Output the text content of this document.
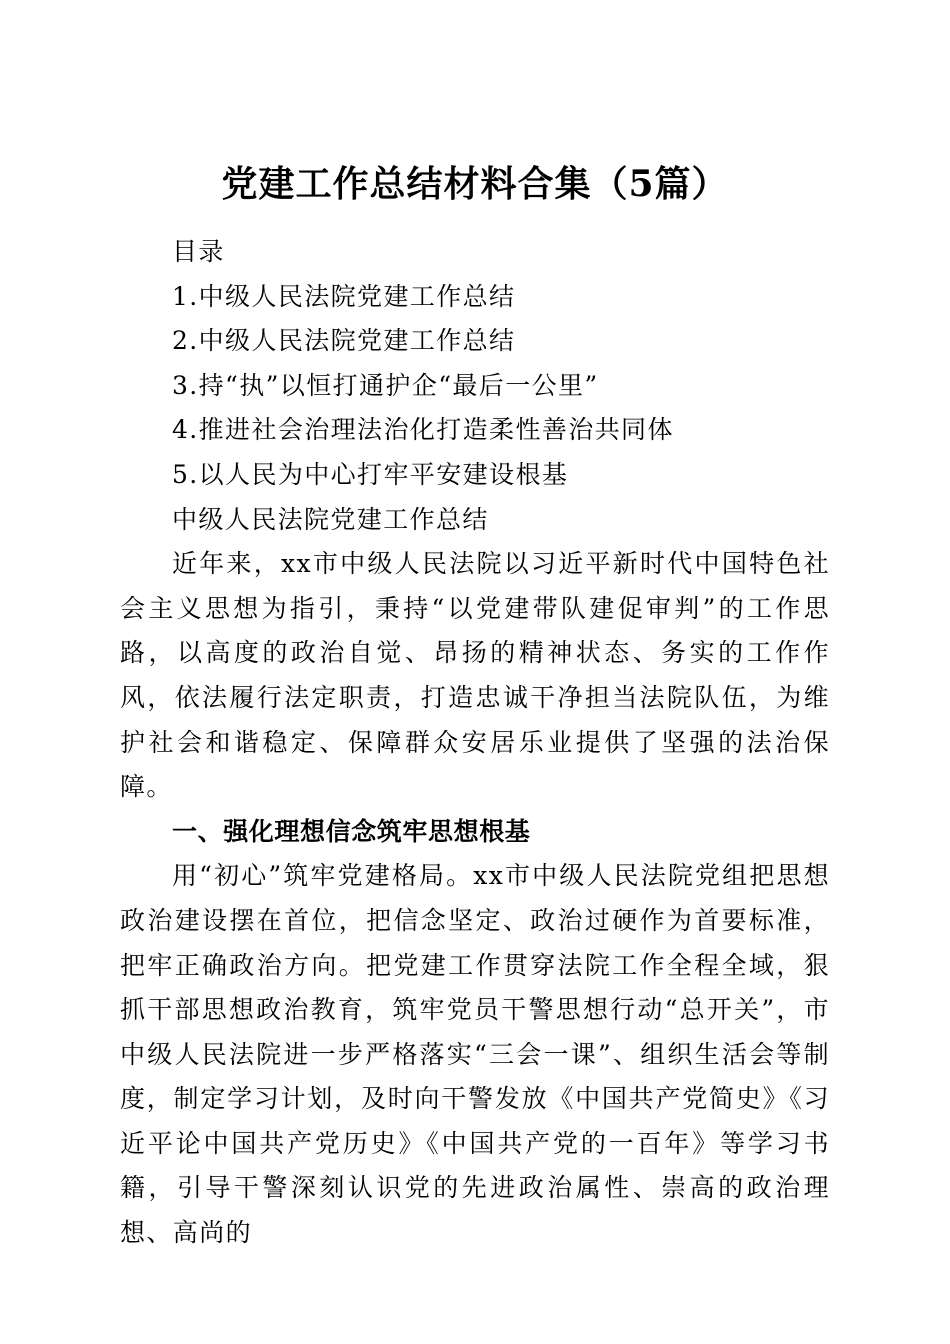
党建工作总结材料合集（5篇）

目录

1.中级人民法院党建工作总结

2.中级人民法院党建工作总结

3.持“执”以恒打通护企“最后一公里”

4.推进社会治理法治化打造柔性善治共同体

5.以人民为中心打牢平安建设根基

中级人民法院党建工作总结

近年来，xx市中级人民法院以习近平新时代中国特色社会主义思想为指引，秉持“以党建带队建促审判”的工作思路，以高度的政治自觉、昂扬的精神状态、务实的工作作风，依法履行法定职责，打造忠诚干净担当法院队伍，为维护社会和谐稳定、保障群众安居乐业提供了坚强的法治保障。

一、强化理想信念筑牢思想根基

用“初心”筑牢党建格局。xx市中级人民法院党组把思想政治建设摆在首位，把信念坚定、政治过硬作为首要标准，把牢正确政治方向。把党建工作贯穿法院工作全程全域，狠抓干部思想政治教育，筑牢党员干警思想行动“总开关”，市中级人民法院进一步严格落实“三会一课”、组织生活会等制度，制定学习计划，及时向干警发放《中国共产党简史》《习近平论中国共产党历史》《中国共产党的一百年》等学习书籍，引导干警深刻认识党的先进政治属性、崇高的政治理想、高尚的
